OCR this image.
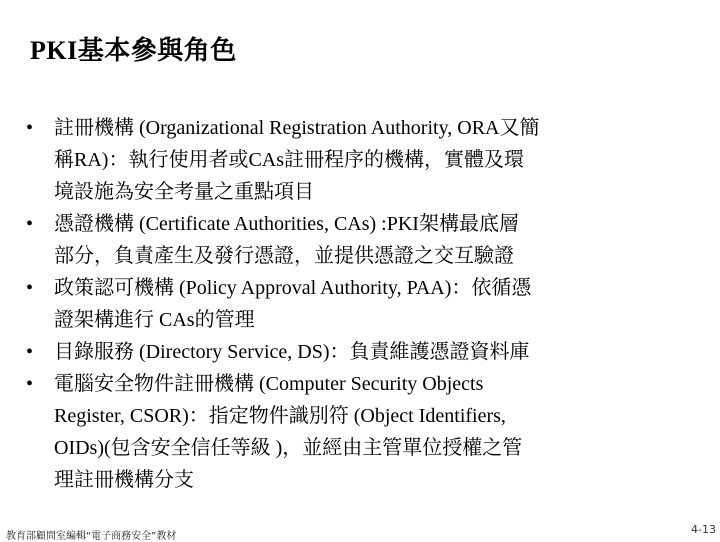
PKI基本參與角色
• 註冊機構 (Organizational Registration Authority, ORA又簡
稱RA)：執行使用者或CAs註冊程序的機構，實體及環
境設施為安全考量之重點項目
• 憑證機構 (Certificate Authorities, CAs) :PKI架構最底層
部分，負責產生及發行憑證，並提供憑證之交互驗證
• 政策認可機構 (Policy Approval Authority, PAA)：依循憑
證架構進行 CAs的管理
• 目錄服務 (Directory Service, DS)：負責維護憑證資料庫
• 電腦安全物件註冊機構 (Computer Security Objects
Register, CSOR)：指定物件識別符 (Object Identifiers,
OIDs)(包含安全信任等級 )，並經由主管單位授權之管
理註冊機構分支
教育部顧問室編輯“電子商務安全”教材
4-13
